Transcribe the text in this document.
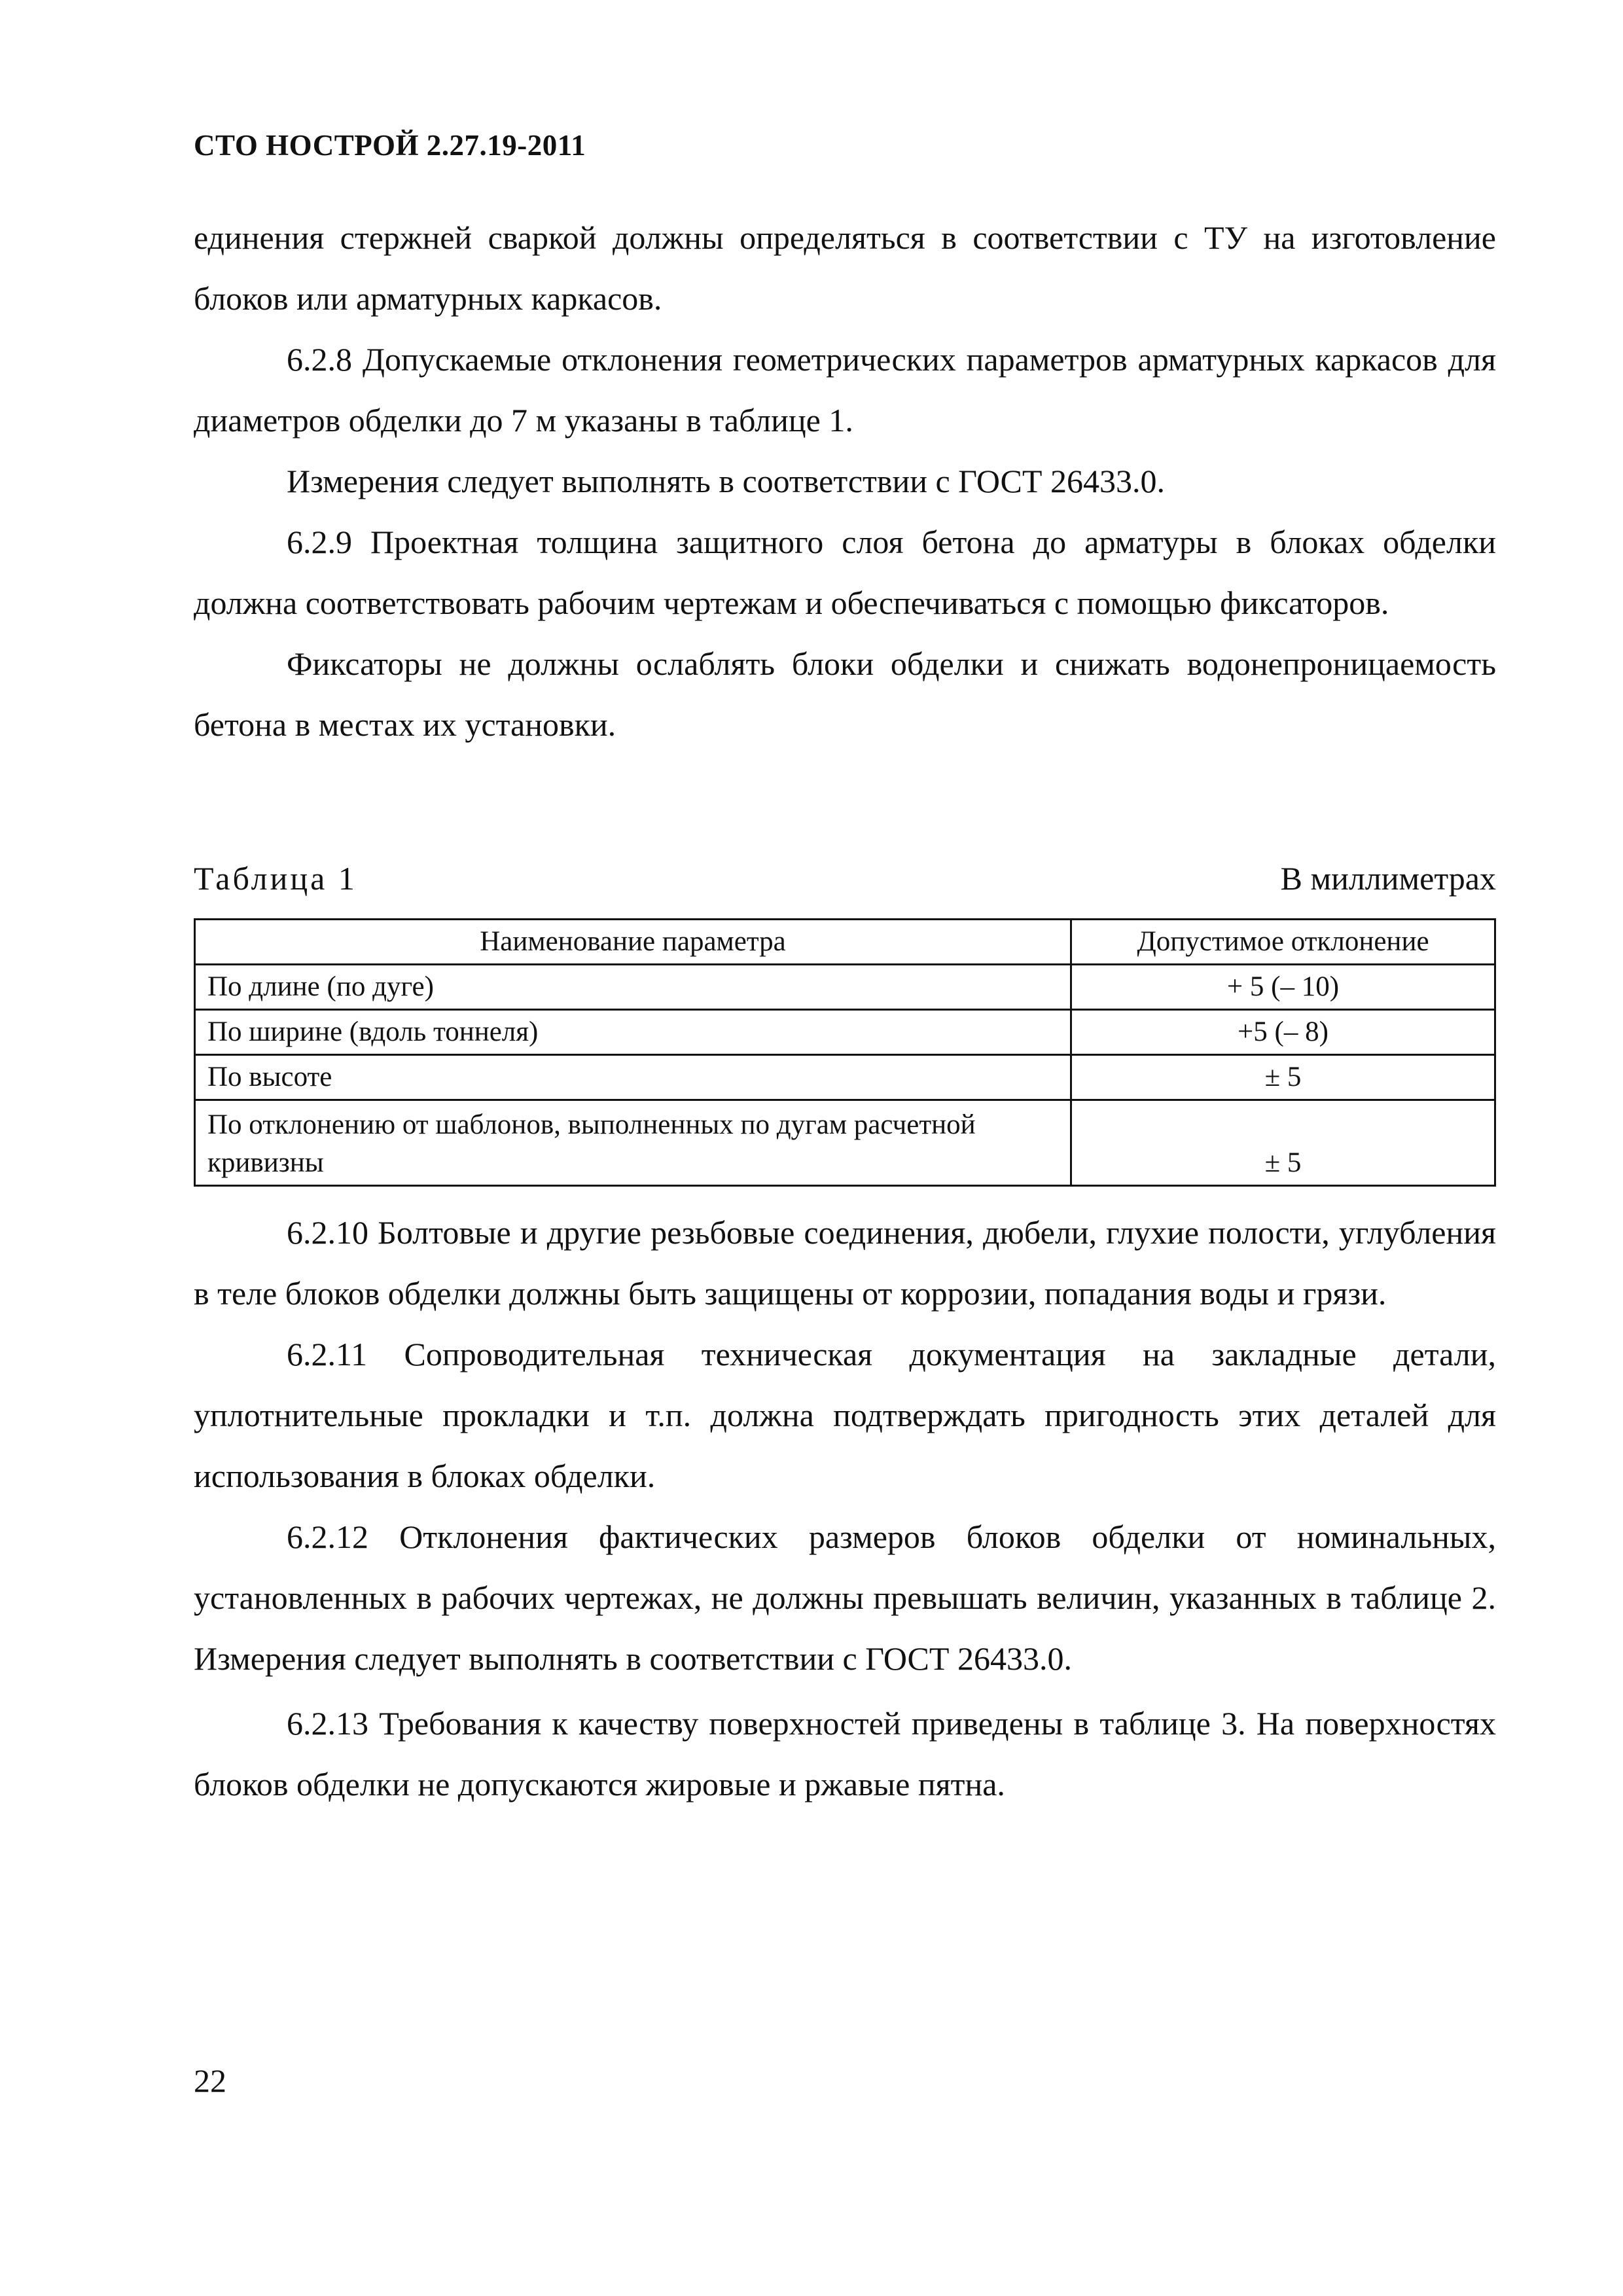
СТО НОСТРОЙ 2.27.19-2011

единения стержней сваркой должны определяться в соответствии с ТУ на изготовление блоков или арматурных каркасов.

6.2.8 Допускаемые отклонения геометрических параметров арматурных каркасов для диаметров обделки до 7 м указаны в таблице 1.

Измерения следует выполнять в соответствии с ГОСТ 26433.0.

6.2.9 Проектная толщина защитного слоя бетона до арматуры в блоках обделки должна соответствовать рабочим чертежам и обеспечиваться с помощью фиксаторов.

Фиксаторы не должны ослаблять блоки обделки и снижать водонепроницаемость бетона в местах их установки.

Таблица 1	В миллиметрах
Наименование параметра	Допустимое отклонение
По длине (по дуге)	+ 5 (– 10)
По ширине (вдоль тоннеля)	+5 (– 8)
По высоте	± 5
По отклонению от шаблонов, выполненных по дугам расчетной кривизны	± 5

6.2.10 Болтовые и другие резьбовые соединения, дюбели, глухие полости, углубления в теле блоков обделки должны быть защищены от коррозии, попадания воды и грязи.

6.2.11 Сопроводительная техническая документация на закладные детали, уплотнительные прокладки и т.п. должна подтверждать пригодность этих деталей для использования в блоках обделки.

6.2.12 Отклонения фактических размеров блоков обделки от номинальных, установленных в рабочих чертежах, не должны превышать величин, указанных в таблице 2. Измерения следует выполнять в соответствии с ГОСТ 26433.0.

6.2.13 Требования к качеству поверхностей приведены в таблице 3. На поверхностях блоков обделки не допускаются жировые и ржавые пятна.

22
